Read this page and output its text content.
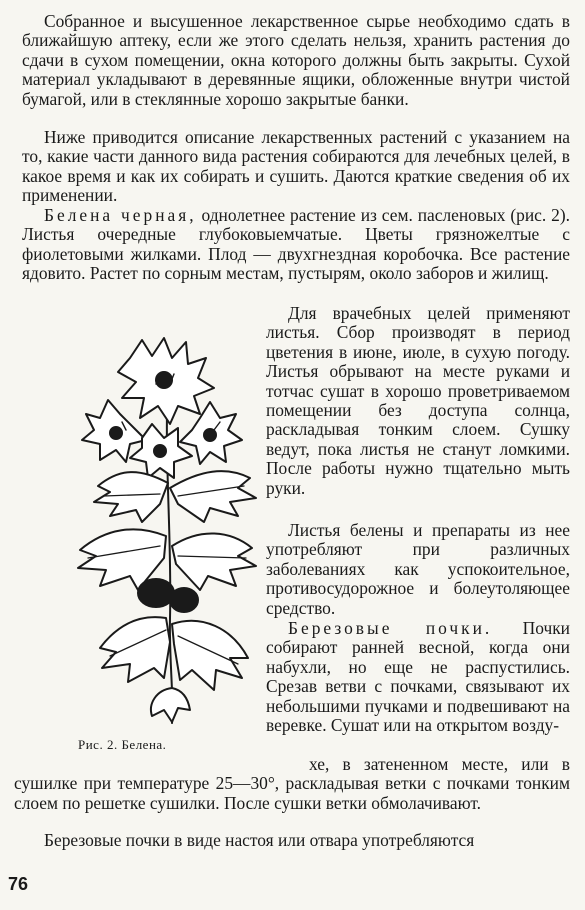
Собранное и высушенное лекарственное сырье необходимо сдать в ближайшую аптеку, если же этого сделать нельзя, хранить растения до сдачи в сухом помещении, окна которого должны быть закрыты. Сухой материал укладывают в деревянные ящики, обложенные внутри чистой бумагой, или в стеклянные хорошо закрытые банки.

Ниже приводится описание лекарственных растений с указанием на то, какие части данного вида растения собираются для лечебных целей, в какое время и как их собирать и сушить. Даются краткие сведения об их применении.

Белена черная, однолетнее растение из сем. пасленовых (рис. 2). Листья очередные глубоковыемчатые. Цветы грязножелтые с фиолетовыми жилками. Плод — двухгнездная коробочка. Все растение ядовито. Растет по сорным местам, пустырям, около заборов и жилищ.

Для врачебных целей применяют листья. Сбор производят в период цветения в июне, июле, в сухую погоду. Листья обрывают на месте руками и тотчас сушат в хорошо проветриваемом помещении без доступа солнца, раскладывая тонким слоем. Сушку ведут, пока листья не станут ломкими. После работы нужно тщательно мыть руки.

Листья белены и препараты из нее употребляют при различных заболеваниях как успокоительное, противосудорожное и болеутоляющее средство.

Березовые почки. Почки собирают ранней весной, когда они набухли, но еще не распустились. Срезав ветви с почками, связывают их небольшими пучками и подвешивают на веревке. Сушат или на открытом возду-

хе, в затененном месте, или в сушилке при температуре 25—30°, раскладывая ветки с почками тонким слоем по решетке сушилки. После сушки ветки обмолачивают.

Березовые почки в виде настоя или отвара употребляются

Рис. 2. Белена.
76
